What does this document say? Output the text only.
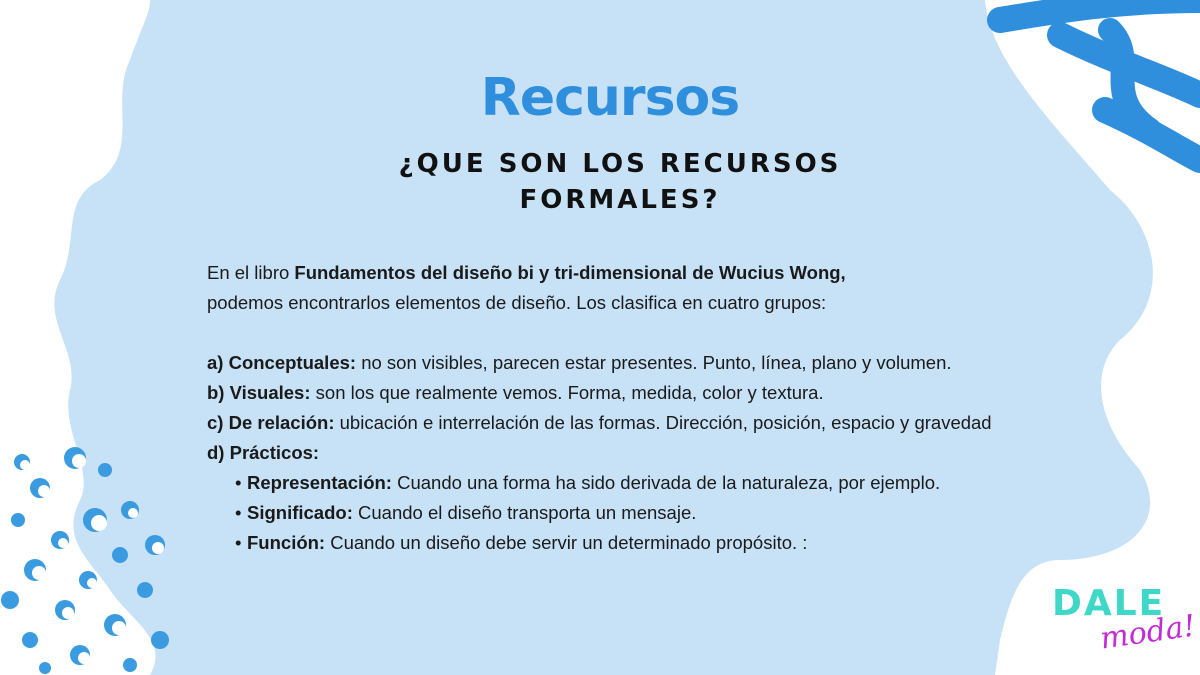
Recursos
¿QUE SON LOS RECURSOS
FORMALES?

En el libro Fundamentos del diseño bi y tri-dimensional de Wucius Wong,

podemos encontrarlos elementos de diseño. Los clasifica en cuatro grupos:

a) Conceptuales: no son visibles, parecen estar presentes. Punto, línea, plano y volumen.

b) Visuales: son los que realmente vemos. Forma, medida, color y textura.

c) De relación: ubicación e interrelación de las formas. Dirección, posición, espacio y gravedad

d) Prácticos:

• Representación: Cuando una forma ha sido derivada de la naturaleza, por ejemplo.

• Significado: Cuando el diseño transporta un mensaje.

• Función: Cuando un diseño debe servir un determinado propósito. :

DALE
moda!
